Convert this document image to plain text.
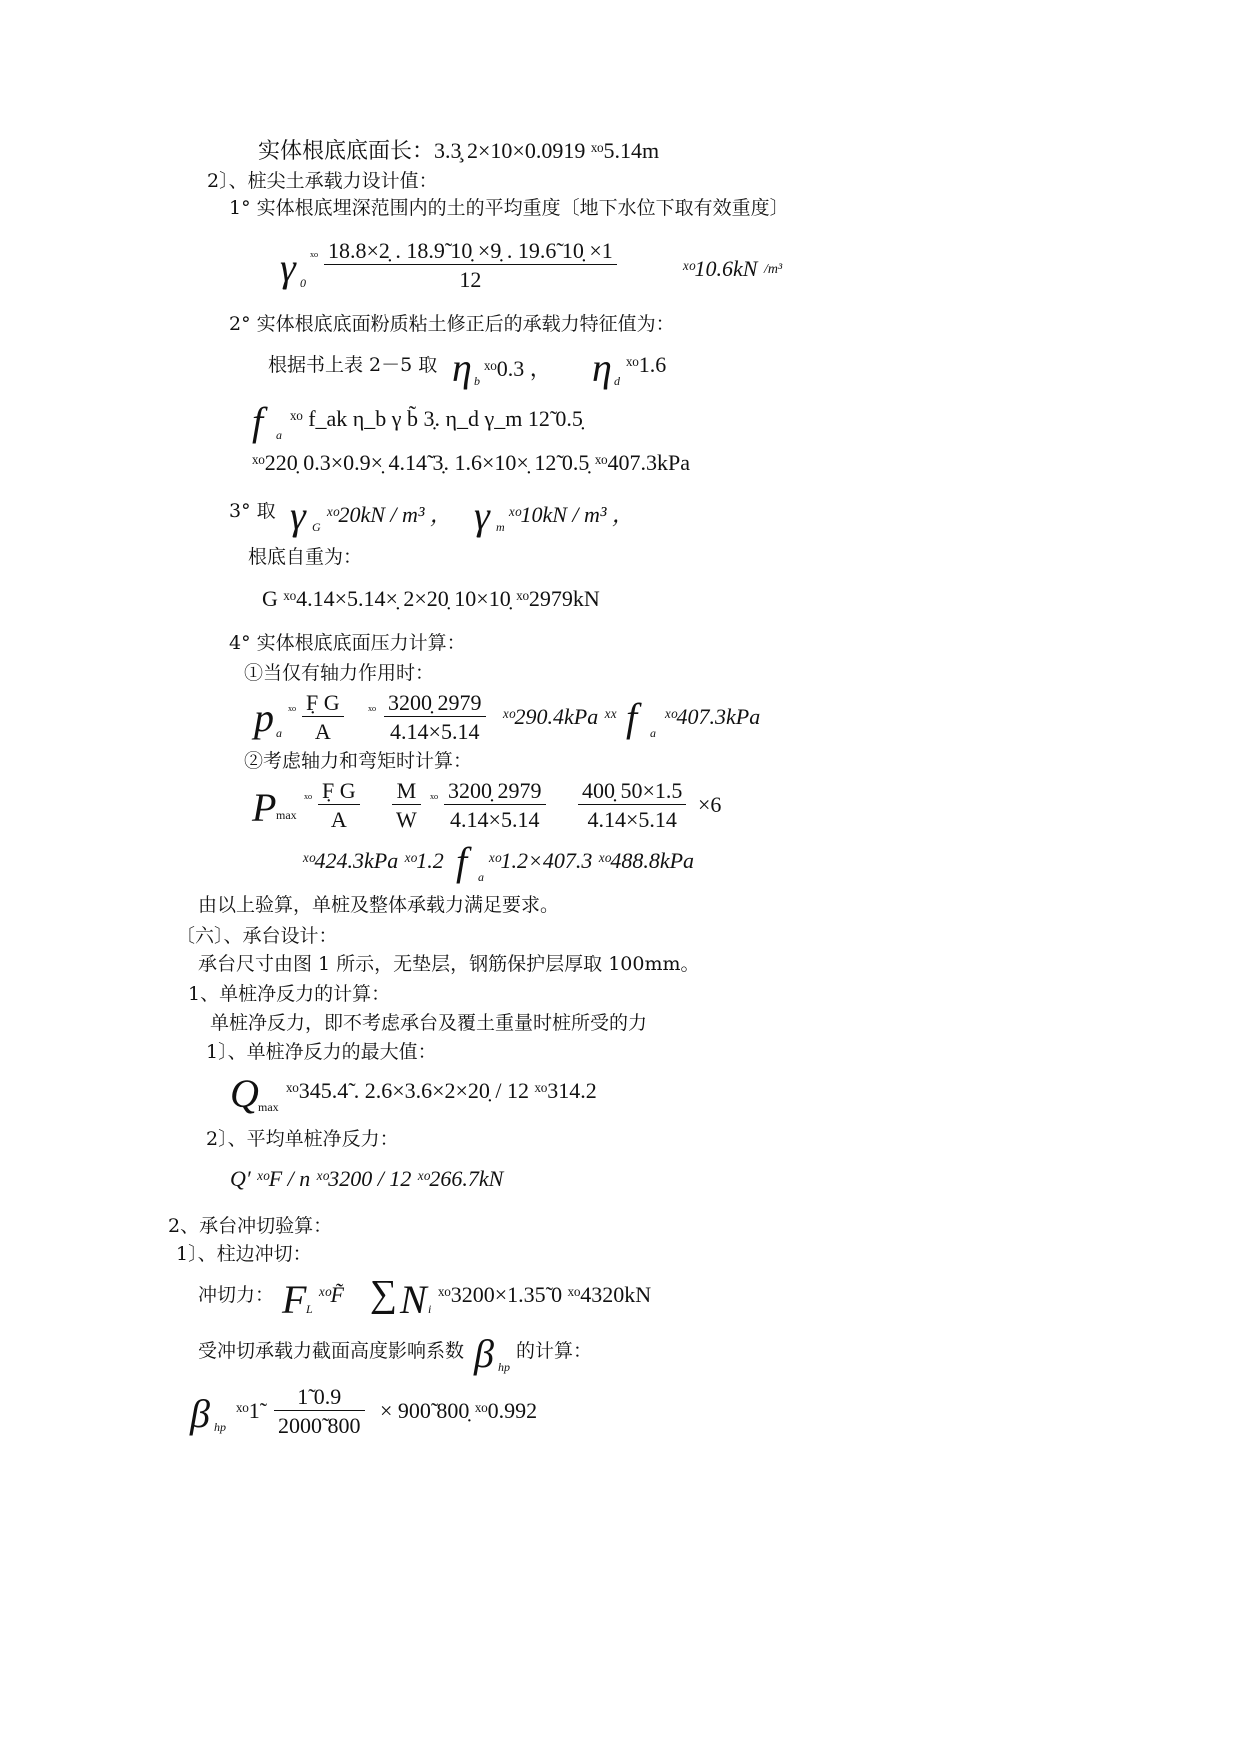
实体根底底面长：3.3̧ 2×10×0.0919 ˣᵒ5.14m
2〕、桩尖土承载力设计值：
1° 实体根底埋深范围内的土的平均重度〔地下水位下取有效重度〕
γ 0
ˣᵒ $\frac{18.8\times 2̣ . 18.9̃ 10̣ \times 9̣ . 19.6̃ 10̣ \times 1}{12}$	ˣᵒ10.6kN /m³
2° 实体根底底面粉质粘土修正后的承载力特征值为：
根据书上表 2－5 取 η b ˣᵒ0.3 ， η d
ˣᵒ1.6
f a
ˣᵒ f_ak η_b γ b̃ 3̣. η_d γ_m 12̃ 0.5̣
ˣᵒ220̣ 0.3×0.9×̣ 4.14̃ 3̣. 1.6×10×̣ 12̃ 0.5̣ ˣᵒ407.3kPa
3° 取 γ G ˣᵒ20kN / m³ ， γ m ˣᵒ10kN / m³ ，
根底自重为：
G ˣᵒ4.14×5.14×̣ 2×20̣ 10×10̣ ˣᵒ2979kN
4° 实体根底底面压力计算：
①当仅有轴力作用时：
p a
ˣᵒ $\frac{F̣ G}{A}$ ˣᵒ $\frac{3200̣ 2979}{4.14\times 5.14}$ ˣᵒ290.4kPa ˣˣ f a
ˣᵒ407.3kPa
②考虑轴力和弯矩时计算：
P max
ˣᵒ $\frac{F̣ G}{A} \frac{M}{W}$ ˣᵒ $\frac{3200̣ 2979}{4.14\times 5.14} \frac{400̣ 50\times 1.5}{4.14\times 5.14} \times 6$
ˣᵒ424.3kPa ˣᵒ1.2 f a
ˣᵒ1.2×407.3 ˣᵒ488.8kPa
由以上验算，单桩及整体承载力满足要求。
〔六〕、承台设计：
承台尺寸由图 1 所示，无垫层，钢筋保护层厚取 100mm。
1、单桩净反力的计算：
单桩净反力，即不考虑承台及覆土重量时桩所受的力
1〕、单桩净反力的最大值：
Q max
ˣᵒ345.4̃ . 2.6×3.6×2×20̣ / 12 ˣᵒ314.2
2〕、平均单桩净反力：
Q′ ˣᵒF / n ˣᵒ3200 / 12 ˣᵒ266.7kN
2、承台冲切验算：
1〕、柱边冲切：
冲切力： F L
ˣᵒF̃ ∑ N i
ˣᵒ3200×1.35̃ 0 ˣᵒ4320kN
受冲切承载力截面高度影响系数 β hp
的计算：
β hp
ˣᵒ1̃ $\frac{1̃ 0.9}{2000̃ 800}$ × 900̃ 800̣ ˣᵒ0.992
